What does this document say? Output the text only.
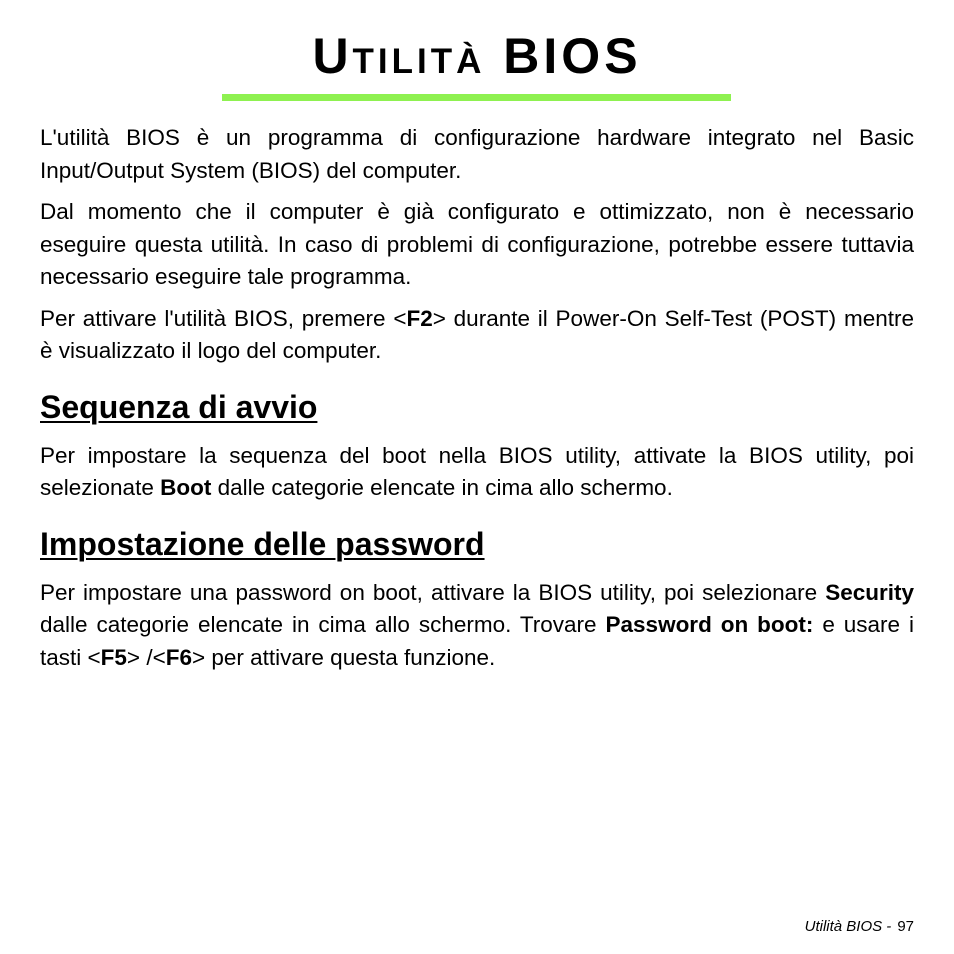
Utilità BIOS

L'utilità BIOS è un programma di configurazione hardware integrato nel Basic Input/Output System (BIOS) del computer.

Dal momento che il computer è già configurato e ottimizzato, non è necessario eseguire questa utilità. In caso di problemi di configurazione, potrebbe essere tuttavia necessario eseguire tale programma.

Per attivare l'utilità BIOS, premere <F2> durante il Power-On Self-Test (POST) mentre è visualizzato il logo del computer.

Sequenza di avvio

Per impostare la sequenza del boot nella BIOS utility, attivate la BIOS utility, poi selezionate Boot dalle categorie elencate in cima allo schermo.

Impostazione delle password

Per impostare una password on boot, attivare la BIOS utility, poi selezionare Security dalle categorie elencate in cima allo schermo. Trovare Password on boot: e usare i tasti <F5> /<F6> per attivare questa funzione.

Utilità BIOS - 97
